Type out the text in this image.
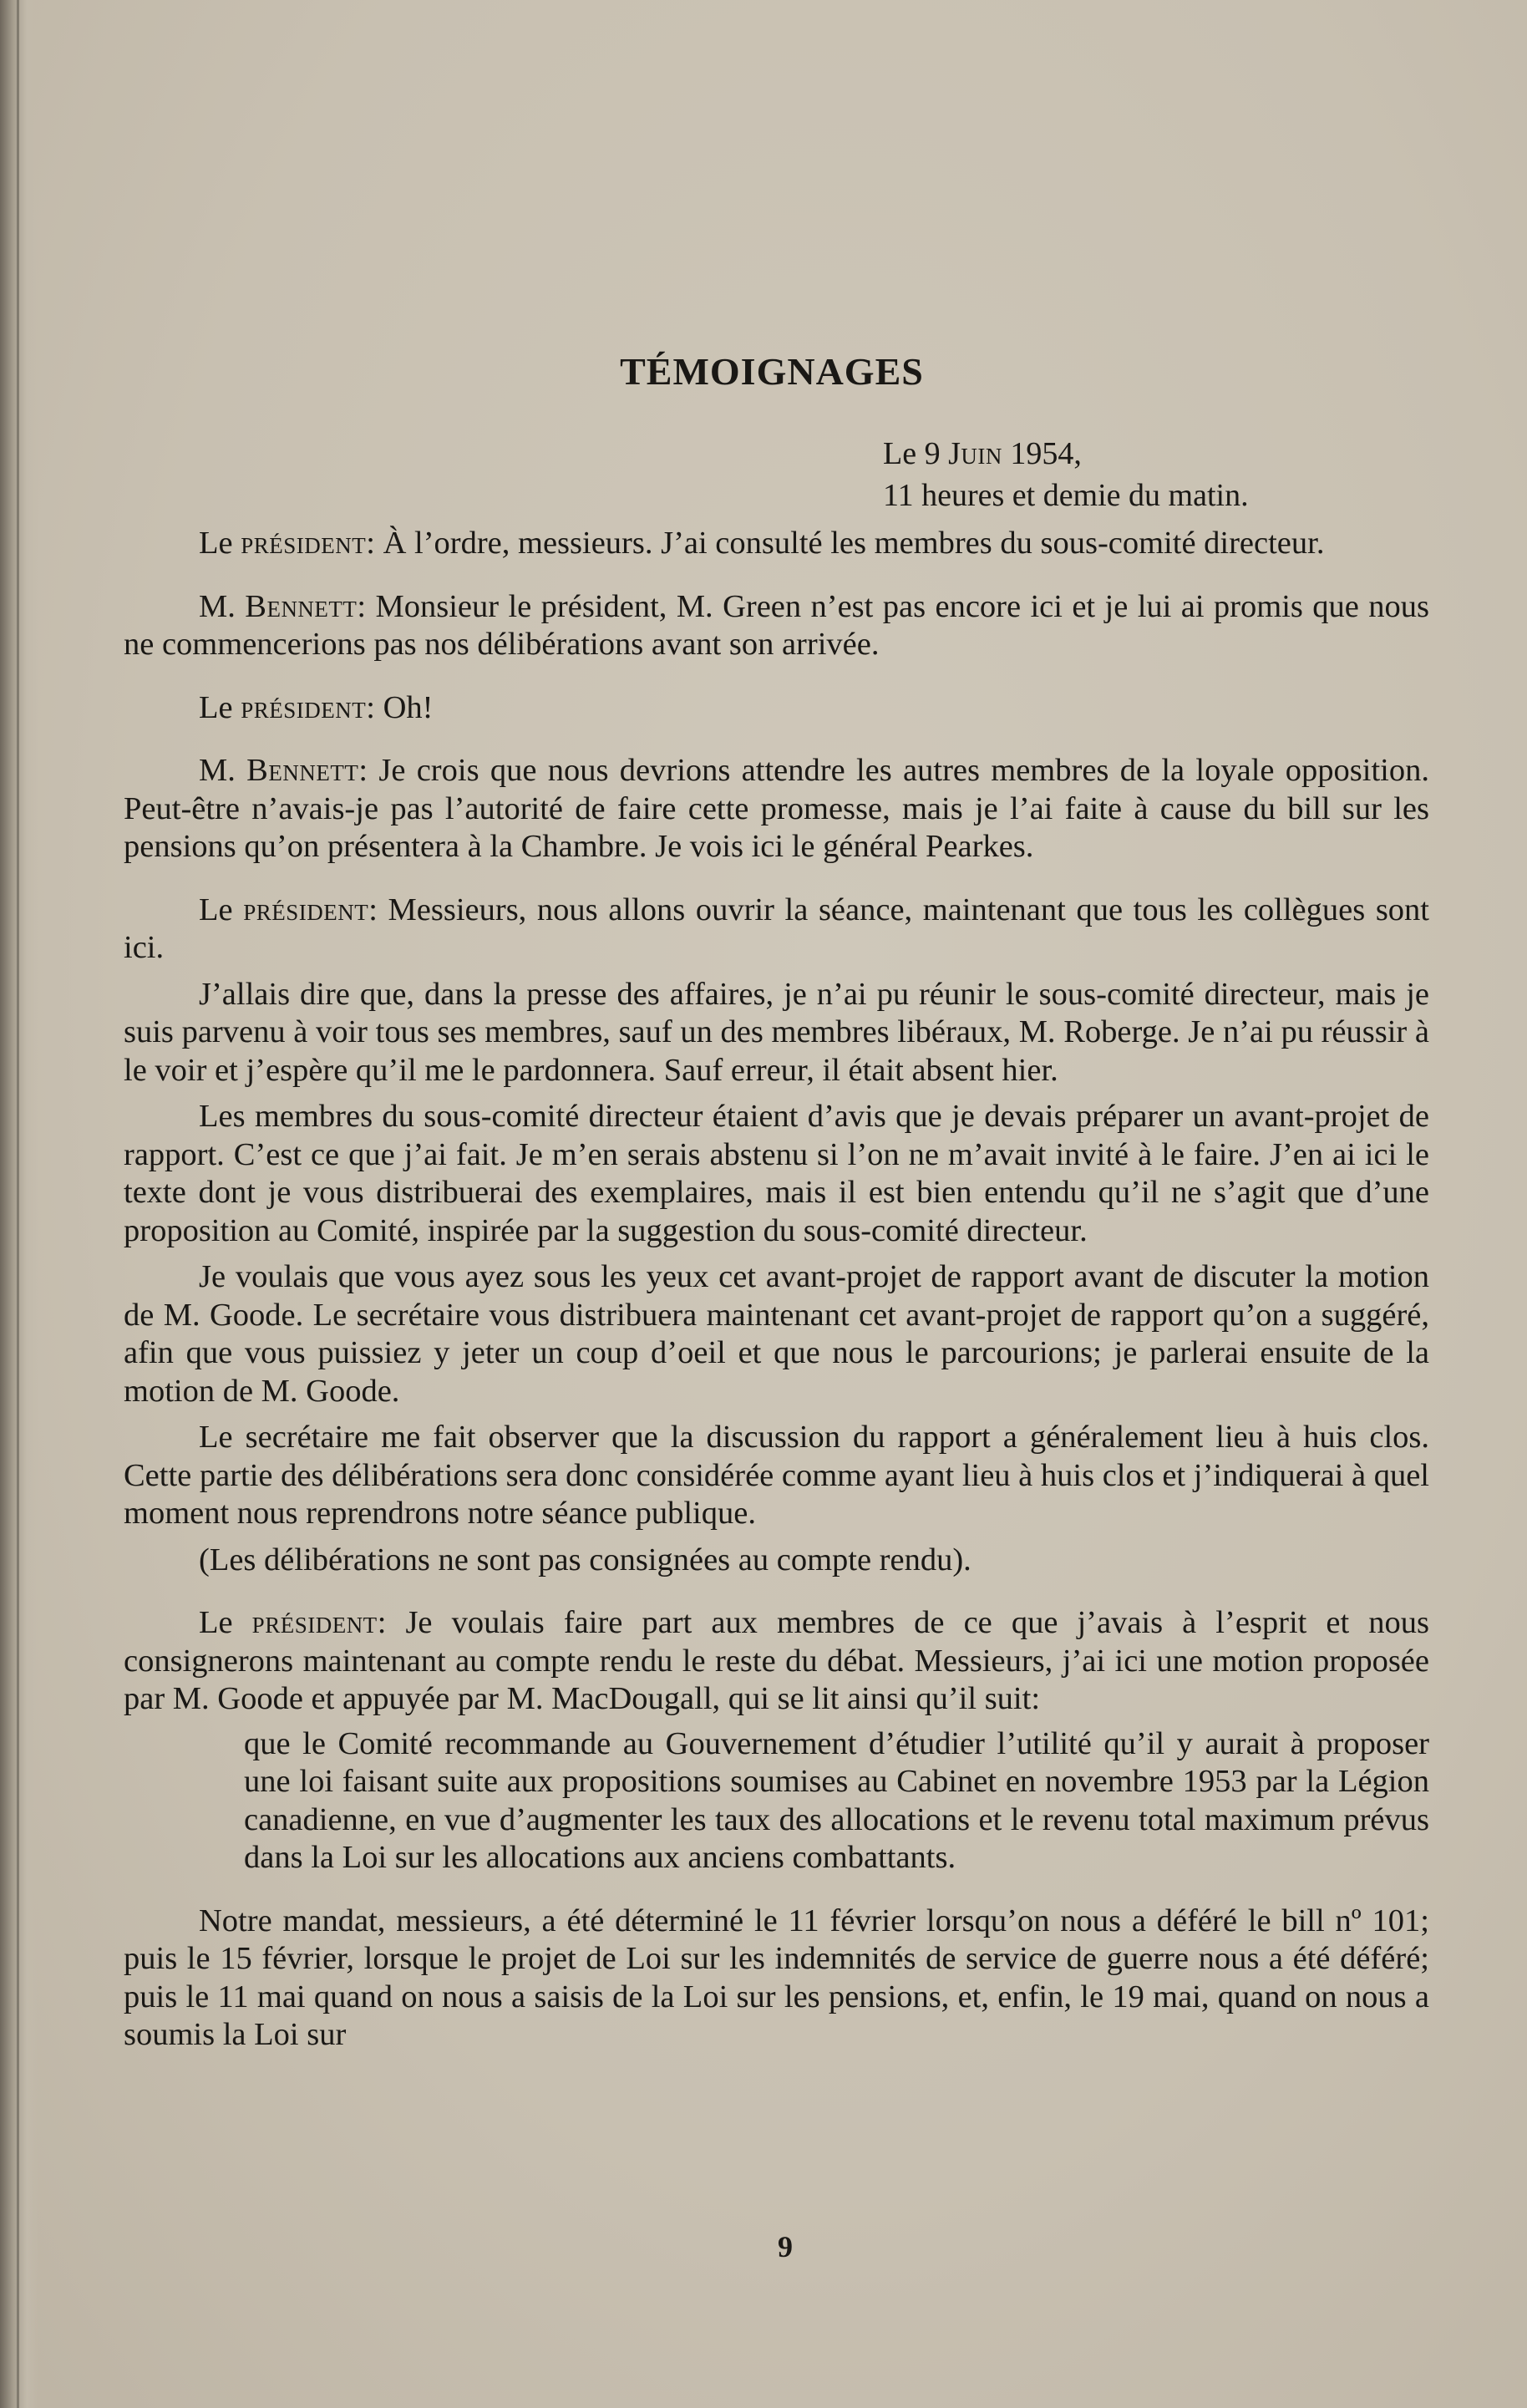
TÉMOIGNAGES
Le 9 Juin 1954,
11 heures et demie du matin.

Le président: À l’ordre, messieurs. J’ai consulté les membres du sous-comité directeur.

M. Bennett: Monsieur le président, M. Green n’est pas encore ici et je lui ai promis que nous ne commencerions pas nos délibérations avant son arrivée.

Le président: Oh!

M. Bennett: Je crois que nous devrions attendre les autres membres de la loyale opposition. Peut-être n’avais-je pas l’autorité de faire cette promesse, mais je l’ai faite à cause du bill sur les pensions qu’on présentera à la Chambre. Je vois ici le général Pearkes.

Le président: Messieurs, nous allons ouvrir la séance, maintenant que tous les collègues sont ici.

J’allais dire que, dans la presse des affaires, je n’ai pu réunir le sous-comité directeur, mais je suis parvenu à voir tous ses membres, sauf un des membres libéraux, M. Roberge. Je n’ai pu réussir à le voir et j’espère qu’il me le pardonnera. Sauf erreur, il était absent hier.

Les membres du sous-comité directeur étaient d’avis que je devais préparer un avant-projet de rapport. C’est ce que j’ai fait. Je m’en serais abstenu si l’on ne m’avait invité à le faire. J’en ai ici le texte dont je vous distribuerai des exemplaires, mais il est bien entendu qu’il ne s’agit que d’une proposition au Comité, inspirée par la suggestion du sous-comité directeur.

Je voulais que vous ayez sous les yeux cet avant-projet de rapport avant de discuter la motion de M. Goode. Le secrétaire vous distribuera maintenant cet avant-projet de rapport qu’on a suggéré, afin que vous puissiez y jeter un coup d’oeil et que nous le parcourions; je parlerai ensuite de la motion de M. Goode.

Le secrétaire me fait observer que la discussion du rapport a généralement lieu à huis clos. Cette partie des délibérations sera donc considérée comme ayant lieu à huis clos et j’indiquerai à quel moment nous reprendrons notre séance publique.

(Les délibérations ne sont pas consignées au compte rendu).

Le président: Je voulais faire part aux membres de ce que j’avais à l’esprit et nous consignerons maintenant au compte rendu le reste du débat. Messieurs, j’ai ici une motion proposée par M. Goode et appuyée par M. MacDougall, qui se lit ainsi qu’il suit:

que le Comité recommande au Gouvernement d’étudier l’utilité qu’il y aurait à proposer une loi faisant suite aux propositions soumises au Cabinet en novembre 1953 par la Légion canadienne, en vue d’augmenter les taux des allocations et le revenu total maximum prévus dans la Loi sur les allocations aux anciens combattants.

Notre mandat, messieurs, a été déterminé le 11 février lorsqu’on nous a déféré le bill nº 101; puis le 15 février, lorsque le projet de Loi sur les indemnités de service de guerre nous a été déféré; puis le 11 mai quand on nous a saisis de la Loi sur les pensions, et, enfin, le 19 mai, quand on nous a soumis la Loi sur

9
